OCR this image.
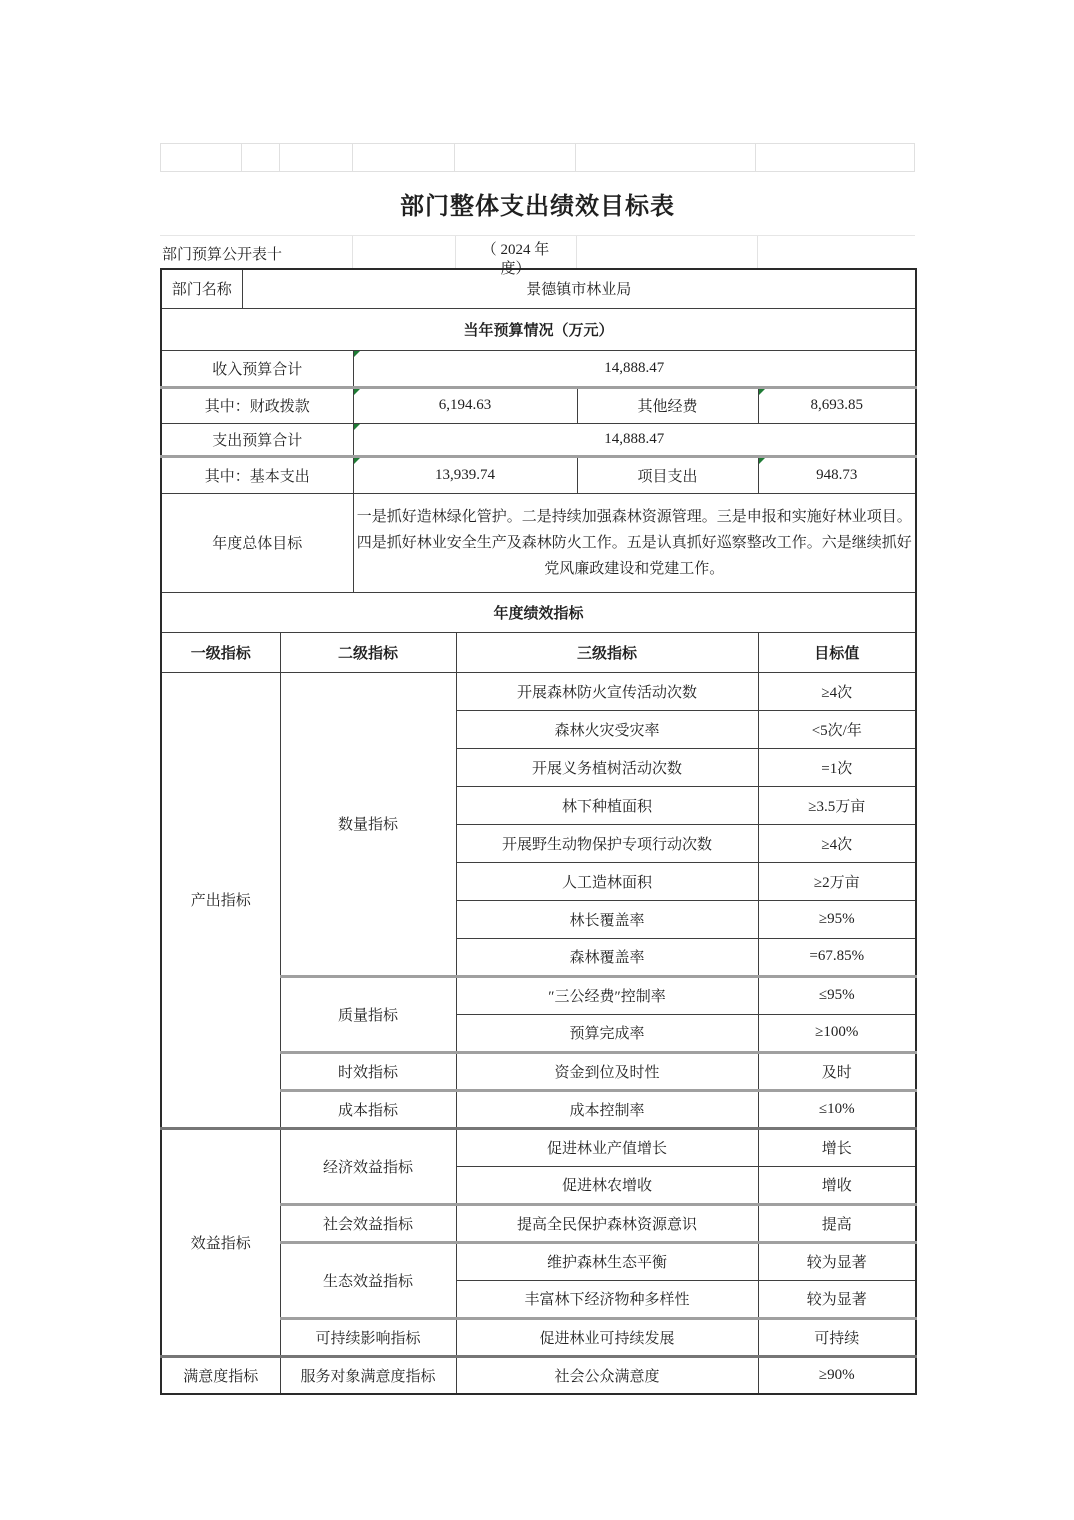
部门整体支出绩效目标表
部门预算公开表十	（ 2024 年
度）
部门名称	景德镇市林业局					
当年预算情况（万元）						
收入预算合计			14,888.47			
其中：财政拨款			6,194.63		其他经费	8,693.85
支出预算合计			14,888.47			
其中：基本支出			13,939.74		项目支出	948.73
年度总体目标			一是抓好造林绿化管护。二是持续加强森林资源管理。三是申报和实施好林业项目。四是抓好林业安全生产及森林防火工作。五是认真抓好巡察整改工作。六是继续抓好党风廉政建设和党建工作。			
年度绩效指标						
一级指标		二级指标		三级指标		目标值
产出指标		数量指标		开展森林防火宣传活动次数		≥4次
				森林火灾受灾率		<5次/年
				开展义务植树活动次数		=1次
				林下种植面积		≥3.5万亩
				开展野生动物保护专项行动次数		≥4次
				人工造林面积		≥2万亩
				林长覆盖率		≥95%
				森林覆盖率		=67.85%
		质量指标		″三公经费″控制率		≤95%
				预算完成率		≥100%
		时效指标		资金到位及时性		及时
		成本指标		成本控制率		≤10%
效益指标		经济效益指标		促进林业产值增长		增长
				促进林农增收		增收
		社会效益指标		提高全民保护森林资源意识		提高
		生态效益指标		维护森林生态平衡		较为显著
				丰富林下经济物种多样性		较为显著
		可持续影响指标		促进林业可持续发展		可持续
满意度指标		服务对象满意度指标		社会公众满意度		≥90%
